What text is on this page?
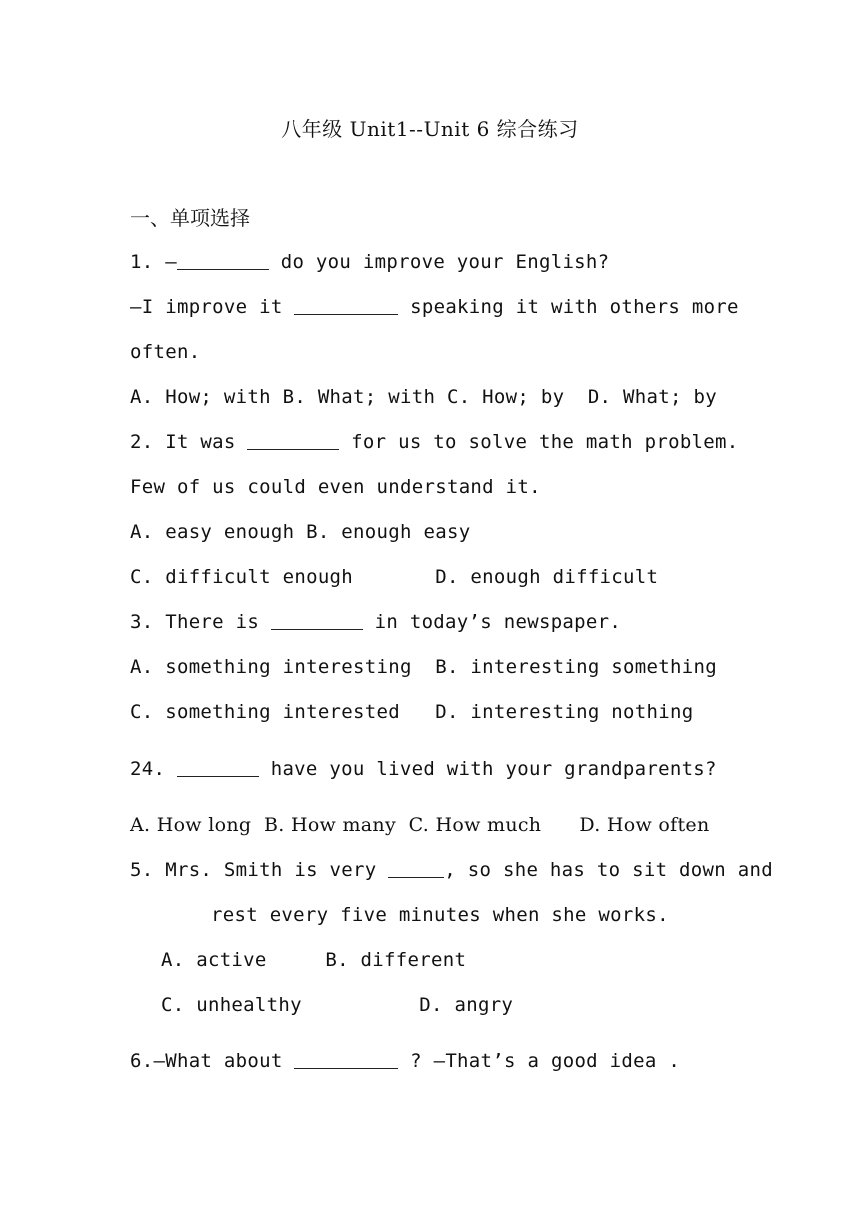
八年级 Unit1--Unit 6 综合练习
一、单项选择
1. —	do you improve your English?
—I improve it	speaking it with others more
often.
A. How; with B. What; with C. How; by  D. What; by
2. It was	for us to solve the math problem.
Few of us could even understand it.
A. easy enough B. enough easy
C. difficult enough       D. enough difficult
3. There is	in today’s newspaper.
A. something interesting  B. interesting something
C. something interested   D. interesting nothing
24.	have you lived with your grandparents?
A. How long  B. How many  C. How much      D. How often
5. Mrs. Smith is very	, so she has to sit down and
rest every five minutes when she works.
A. active     B. different
C. unhealthy          D. angry
6.—What about	? –That’s a good idea .
